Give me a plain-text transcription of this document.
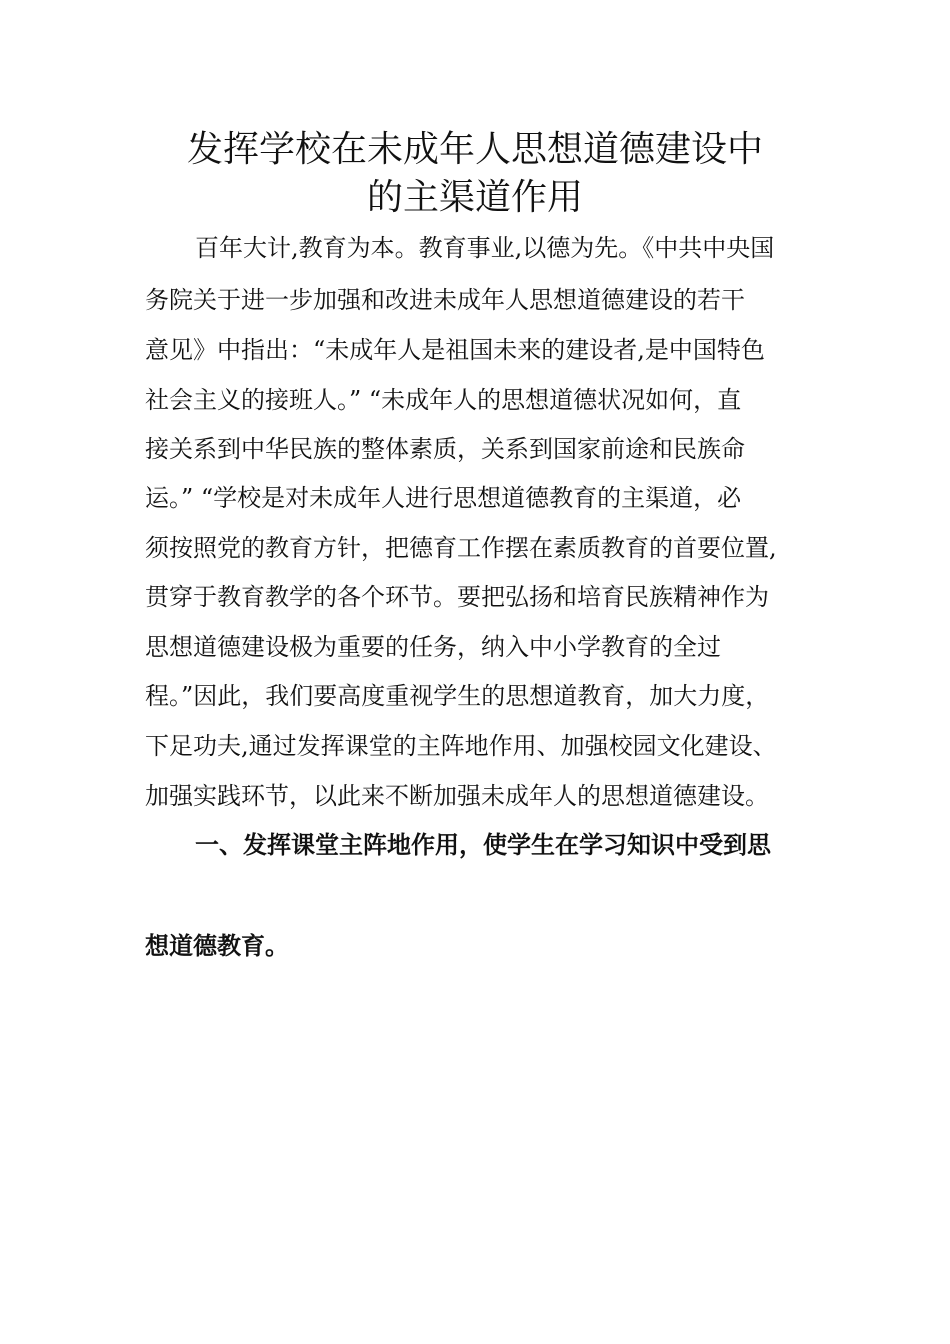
发挥学校在未成年人思想道德建设中
的主渠道作用
百年大计,教育为本。教育事业,以德为先。《中共中央国
务院关于进一步加强和改进未成年人思想道德建设的若干
意见》中指出：“未成年人是祖国未来的建设者,是中国特色
社会主义的接班人。” “未成年人的思想道德状况如何，直
接关系到中华民族的整体素质，关系到国家前途和民族命
运。” “学校是对未成年人进行思想道德教育的主渠道，必
须按照党的教育方针，把德育工作摆在素质教育的首要位置,
贯穿于教育教学的各个环节。要把弘扬和培育民族精神作为
思想道德建设极为重要的任务，纳入中小学教育的全过
程。”因此，我们要高度重视学生的思想道教育，加大力度，
下足功夫,通过发挥课堂的主阵地作用、加强校园文化建设、
加强实践环节，以此来不断加强未成年人的思想道德建设。
一、发挥课堂主阵地作用，使学生在学习知识中受到思
想道德教育。
